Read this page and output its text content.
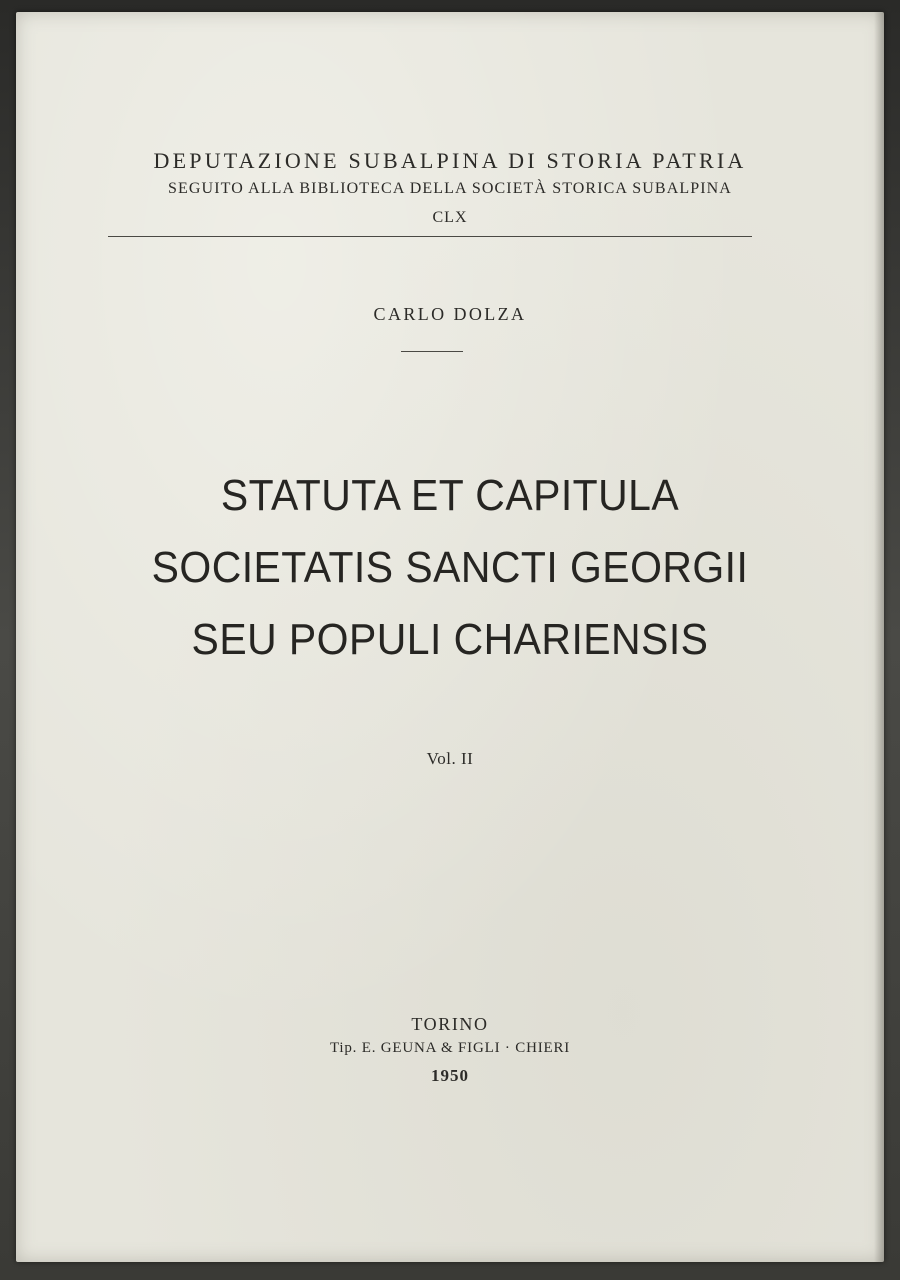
DEPUTAZIONE SUBALPINA DI STORIA PATRIA
SEGUITO ALLA BIBLIOTECA DELLA SOCIETÀ STORICA SUBALPINA
CLX
CARLO DOLZA
STATUTA ET CAPITULA
SOCIETATIS SANCTI GEORGII
SEU POPULI CHARIENSIS
Vol. II
TORINO
Tip. E. GEUNA & FIGLI · CHIERI
1950
